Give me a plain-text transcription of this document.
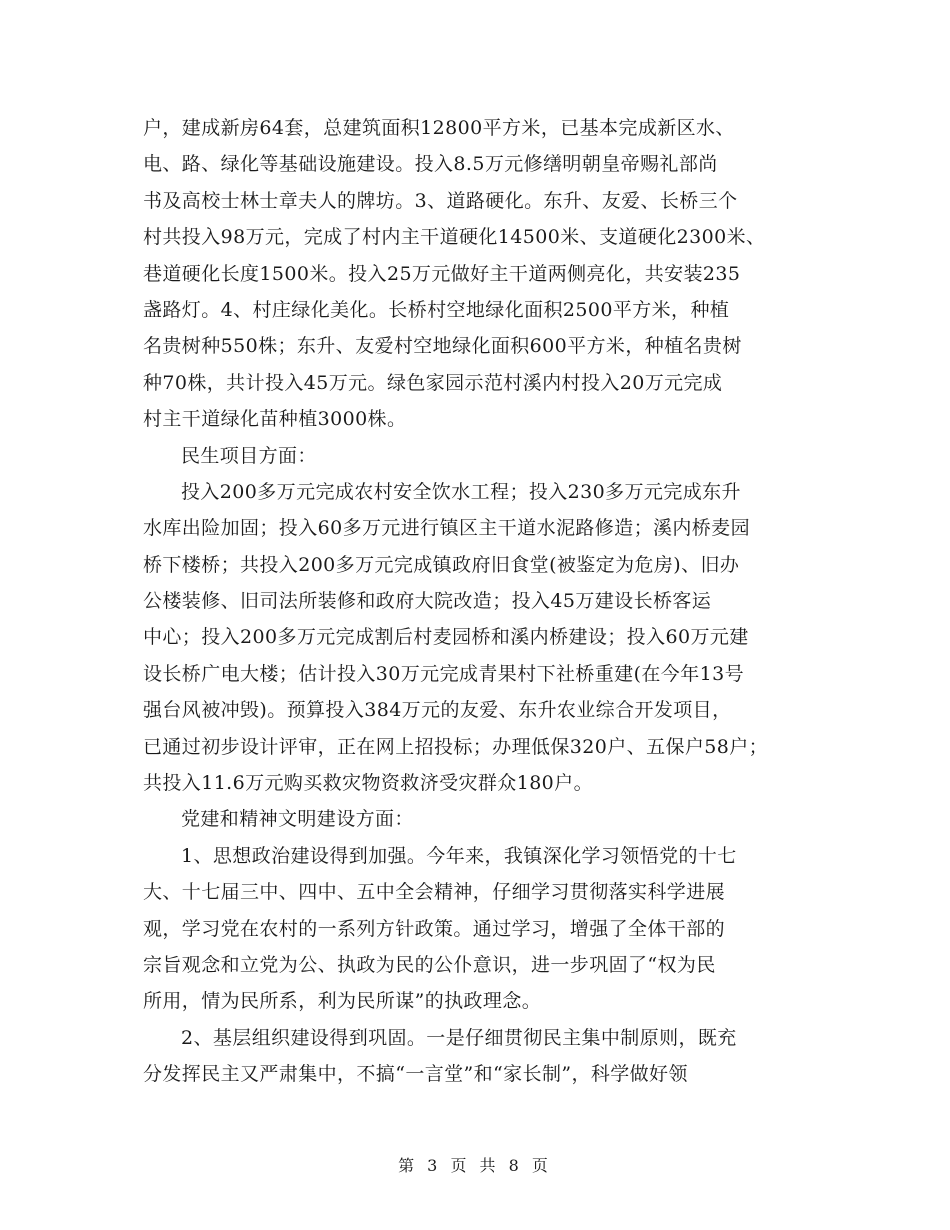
户，建成新房64套，总建筑面积12800平方米，已基本完成新区水、
电、路、绿化等基础设施建设。投入8.5万元修缮明朝皇帝赐礼部尚
书及高校士林士章夫人的牌坊。3、道路硬化。东升、友爱、长桥三个
村共投入98万元，完成了村内主干道硬化14500米、支道硬化2300米、
巷道硬化长度1500米。投入25万元做好主干道两侧亮化，共安装235
盏路灯。4、村庄绿化美化。长桥村空地绿化面积2500平方米，种植
名贵树种550株；东升、友爱村空地绿化面积600平方米，种植名贵树
种70株，共计投入45万元。绿色家园示范村溪内村投入20万元完成
村主干道绿化苗种植3000株。
民生项目方面：
投入200多万元完成农村安全饮水工程；投入230多万元完成东升
水库出险加固；投入60多万元进行镇区主干道水泥路修造；溪内桥麦园
桥下楼桥；共投入200多万元完成镇政府旧食堂(被鉴定为危房)、旧办
公楼装修、旧司法所装修和政府大院改造；投入45万建设长桥客运
中心；投入200多万元完成割后村麦园桥和溪内桥建设；投入60万元建
设长桥广电大楼；估计投入30万元完成青果村下社桥重建(在今年13号
强台风被冲毁)。预算投入384万元的友爱、东升农业综合开发项目，
已通过初步设计评审，正在网上招投标；办理低保320户、五保户58户；
共投入11.6万元购买救灾物资救济受灾群众180户。
党建和精神文明建设方面：
1、思想政治建设得到加强。今年来，我镇深化学习领悟党的十七
大、十七届三中、四中、五中全会精神，仔细学习贯彻落实科学进展
观，学习党在农村的一系列方针政策。通过学习，增强了全体干部的
宗旨观念和立党为公、执政为民的公仆意识，进一步巩固了“权为民
所用，情为民所系，利为民所谋”的执政理念。
2、基层组织建设得到巩固。一是仔细贯彻民主集中制原则，既充
分发挥民主又严肃集中，不搞“一言堂”和“家长制”，科学做好领
第 3 页 共 8 页
